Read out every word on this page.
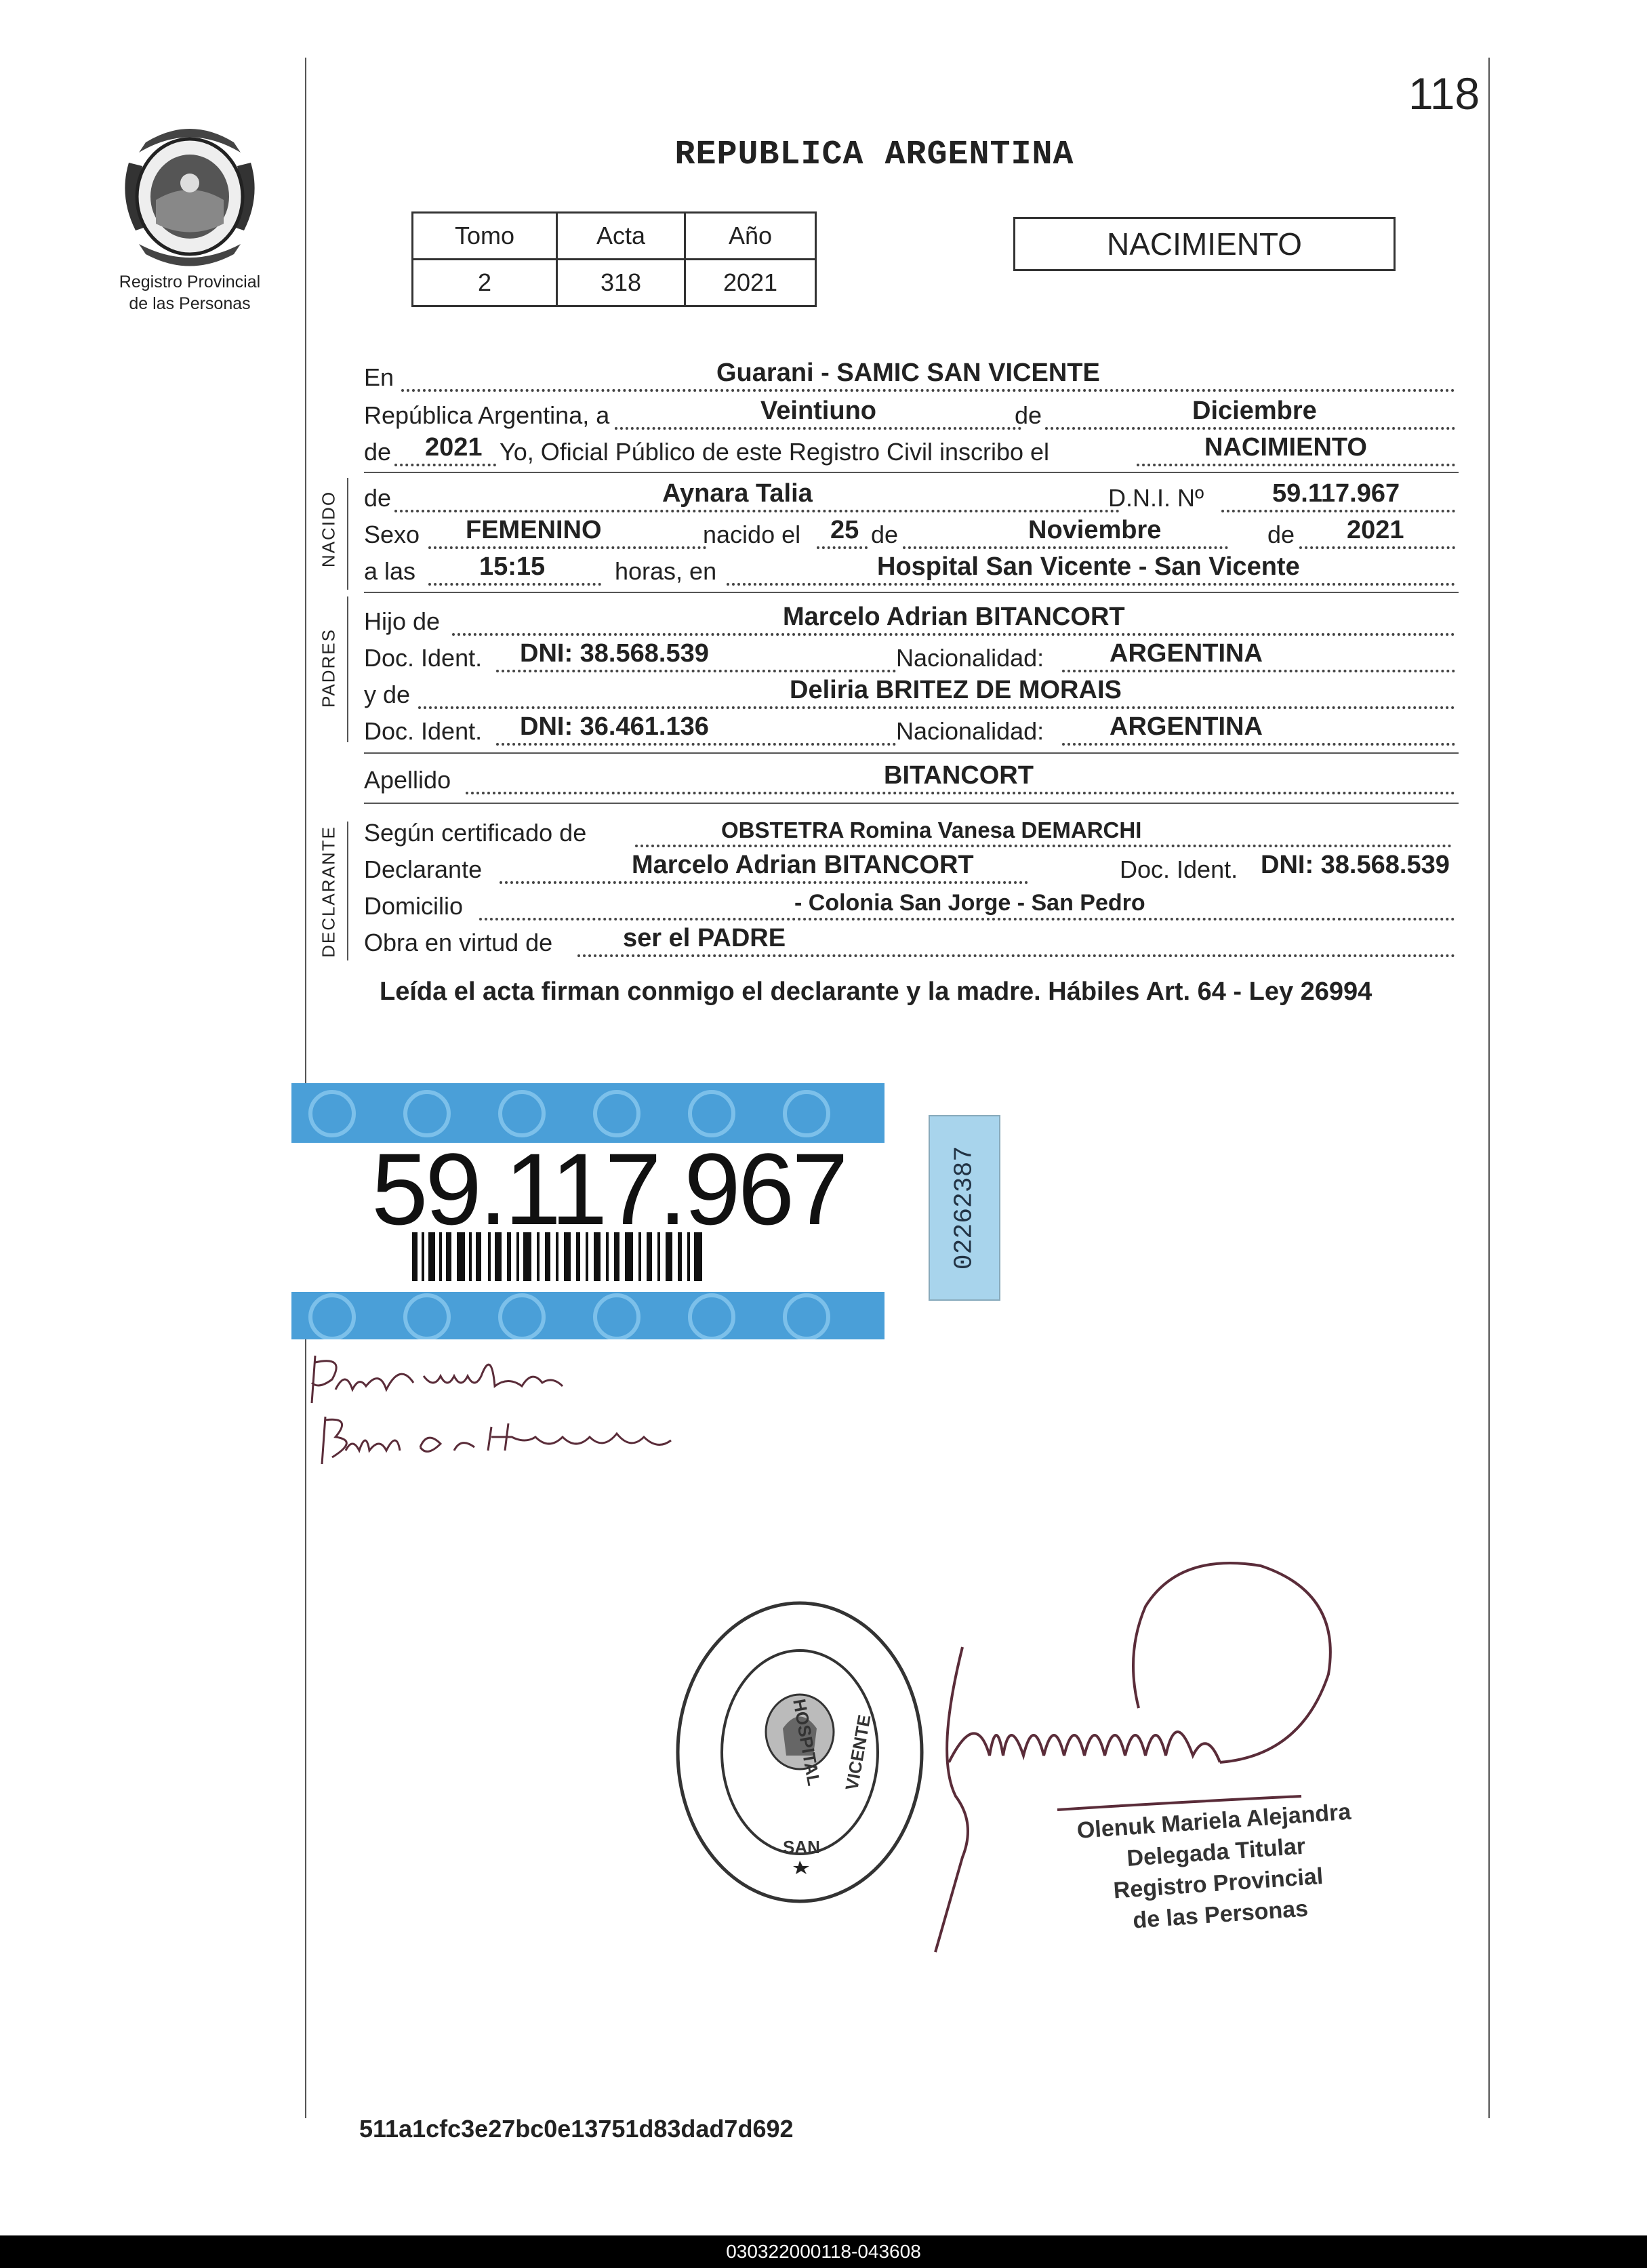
118
Registro Provincial
de las Personas
REPUBLICA ARGENTINA
Tomo	Acta	Año
2	318	2021
NACIMIENTO
En	Guarani - SAMIC SAN VICENTE
República Argentina, a	Veintiuno	de	Diciembre
de 2021 Yo, Oficial Público de este Registro Civil inscribo el	NACIMIENTO
NACIDO de	Aynara Talia	D.N.I. Nº	59.117.967
Sexo FEMENINO	nacido el 25 de	Noviembre	de 2021
a las 15:15	horas, en	Hospital San Vicente - San Vicente
PADRES
Hijo de	Marcelo Adrian BITANCORT
Doc. Ident. DNI: 38.568.539	Nacionalidad:	ARGENTINA
y de	Deliria BRITEZ DE MORAIS
Doc. Ident. DNI: 36.461.136	Nacionalidad:	ARGENTINA
Apellido	BITANCORT
DECLARANTE Según certificado de	OBSTETRA Romina Vanesa DEMARCHI
Declarante	Marcelo Adrian BITANCORT	Doc. Ident. DNI: 38.568.539
Domicilio	- Colonia San Jorge - San Pedro
Obra en virtud de	ser el PADRE
Leída el acta firman conmigo el declarante y la madre. Hábiles Art. 64 - Ley 26994
59.117.967	02262387
HOSPITAL VICENTE
SAN
Olenuk Mariela Alejandra
Delegada Titular
Registro Provincial
de las Personas
511a1cfc3e27bc0e13751d83dad7d692
030322000118-043608
